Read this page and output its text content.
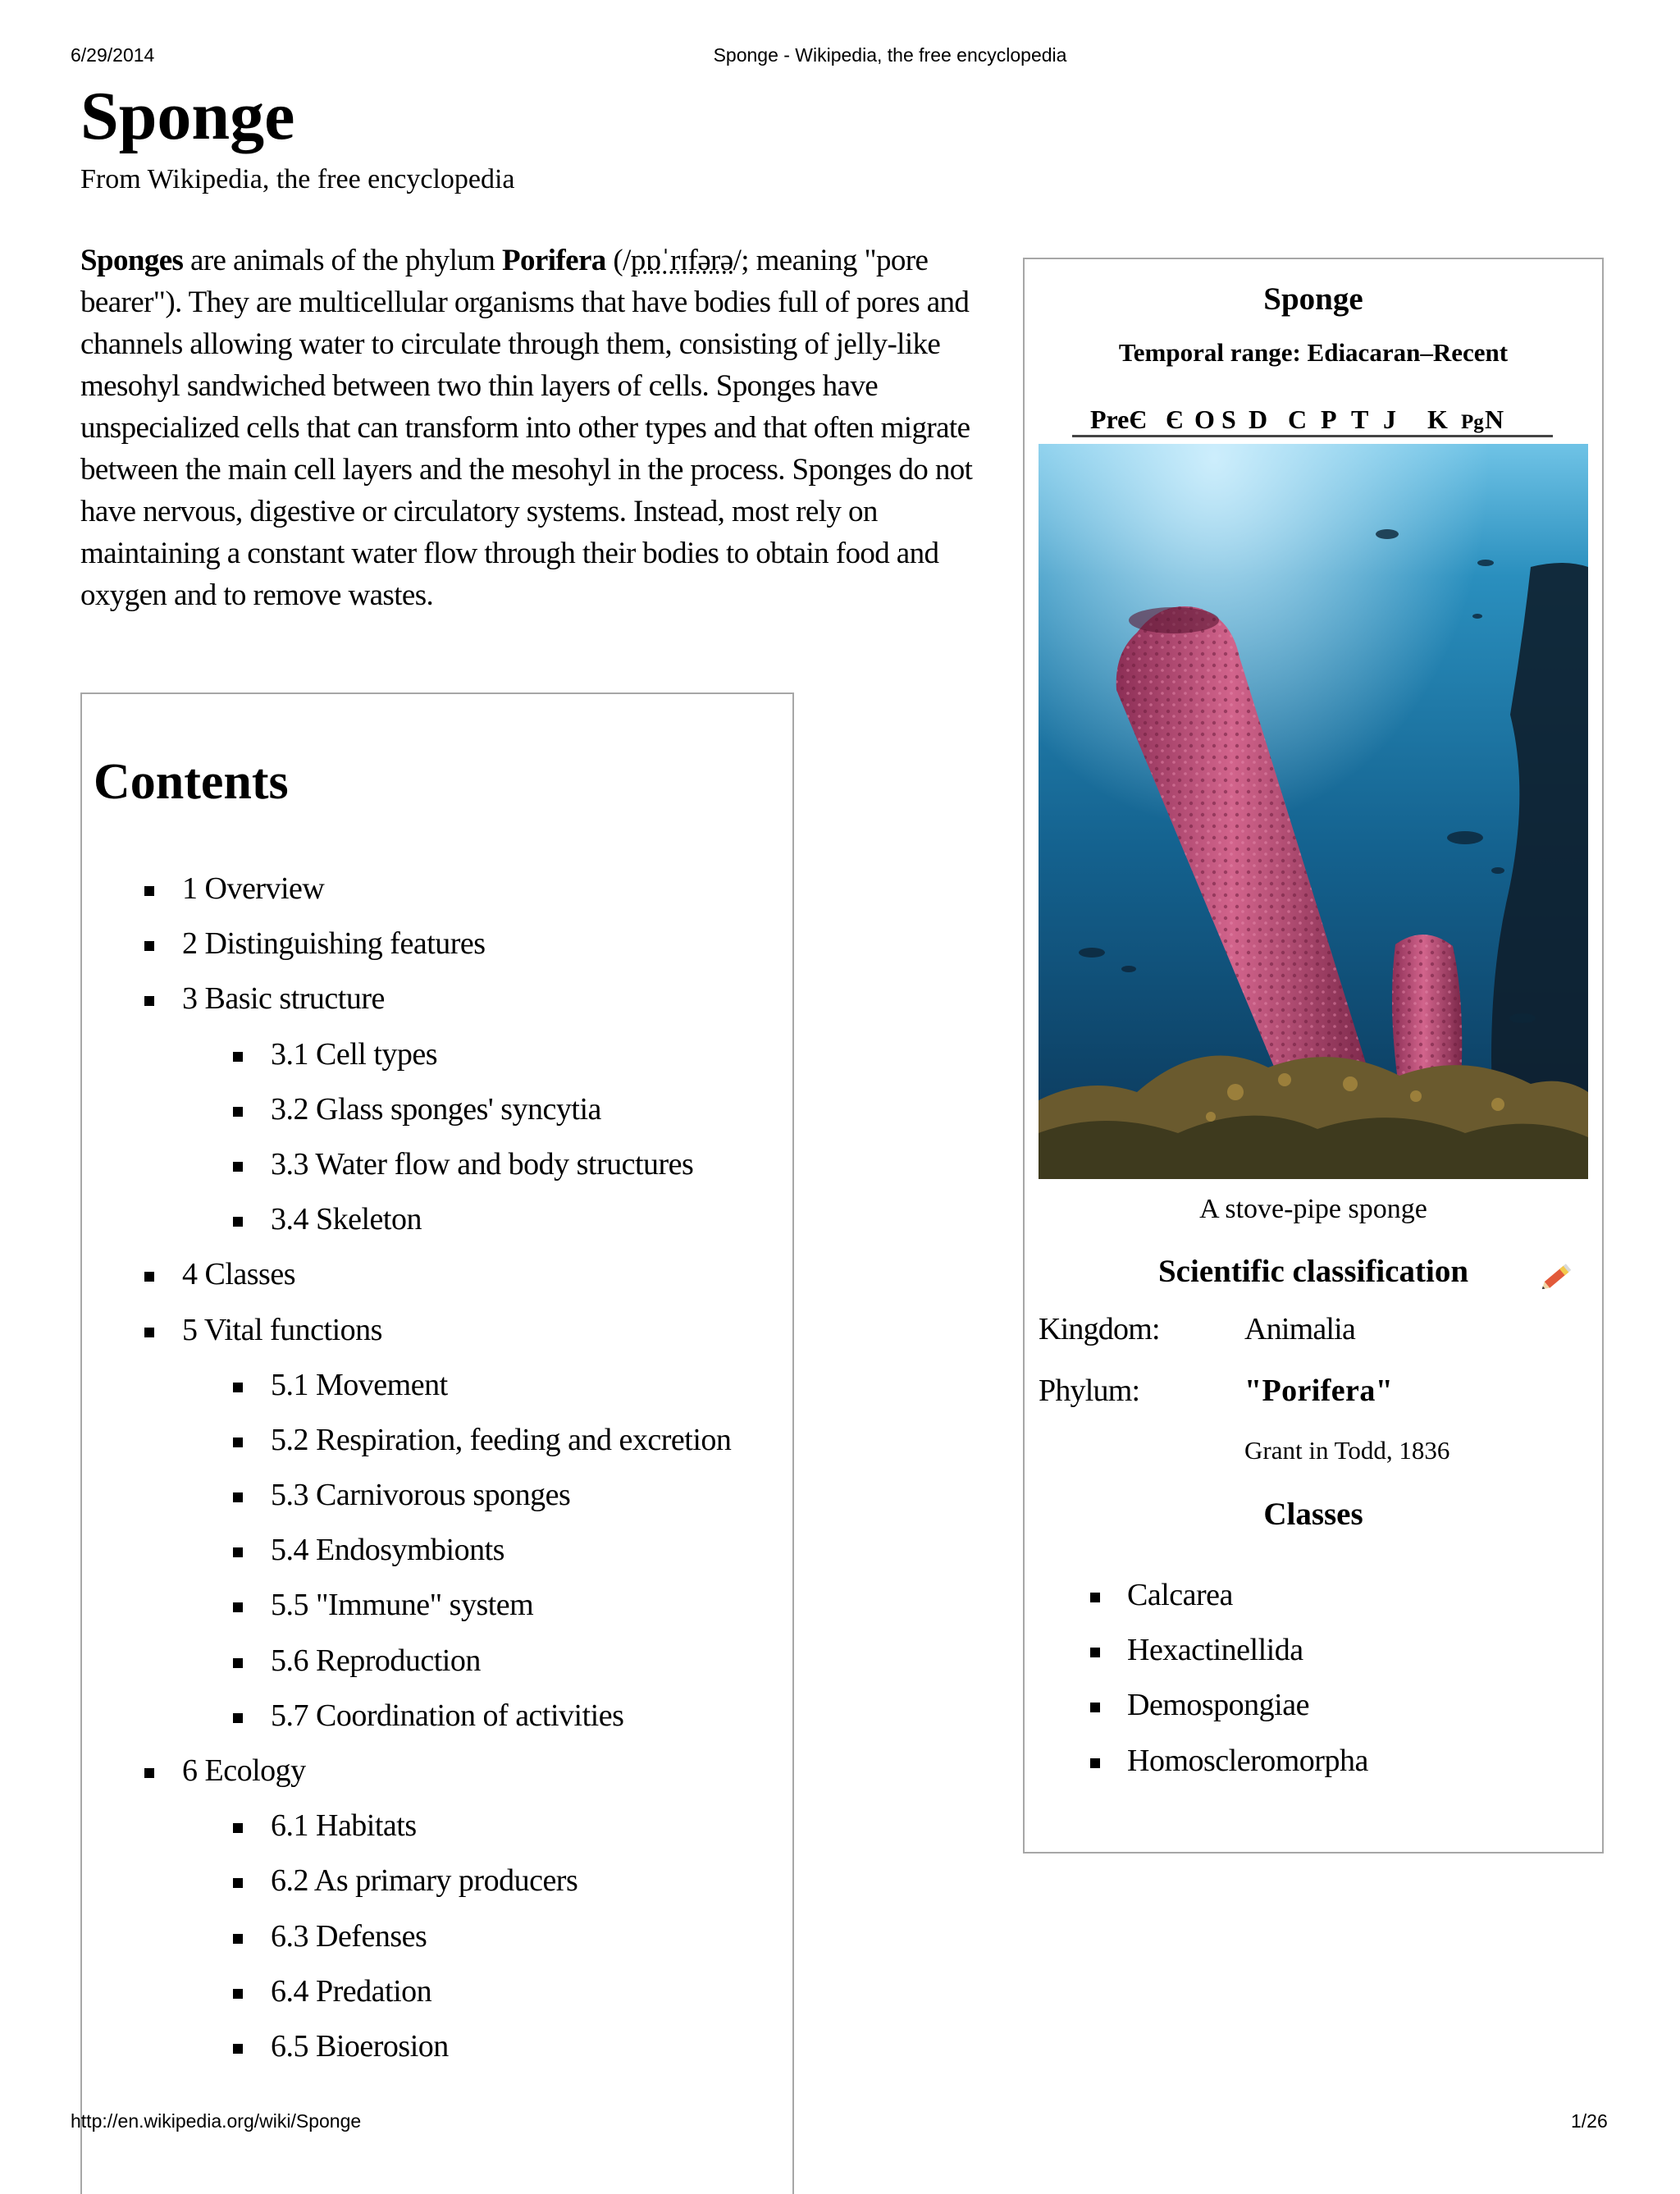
6/29/2014	Sponge - Wikipedia, the free encyclopedia
Sponge
From Wikipedia, the free encyclopedia

Sponges are animals of the phylum Porifera (/pɒˈrɪfərə/; meaning "pore bearer"). They are multicellular organisms that have bodies full of pores and channels allowing water to circulate through them, consisting of jelly-like mesohyl sandwiched between two thin layers of cells. Sponges have unspecialized cells that can transform into other types and that often migrate between the main cell layers and the mesohyl in the process. Sponges do not have nervous, digestive or circulatory systems. Instead, most rely on maintaining a constant water flow through their bodies to obtain food and oxygen and to remove wastes.

Contents
1 Overview
2 Distinguishing features
3 Basic structure
3.1 Cell types
3.2 Glass sponges' syncytia
3.3 Water flow and body structures
3.4 Skeleton
4 Classes
5 Vital functions
5.1 Movement
5.2 Respiration, feeding and excretion
5.3 Carnivorous sponges
5.4 Endosymbionts
5.5 "Immune" system
5.6 Reproduction
5.7 Coordination of activities
6 Ecology
6.1 Habitats
6.2 As primary producers
6.3 Defenses
6.4 Predation
6.5 Bioerosion
Sponge
Temporal range: Ediacaran–Recent
PreЄ Є O S D C P T J K Pg N
A stove-pipe sponge
Scientific classification
Kingdom:	Animalia
Phylum:	"Porifera"
Grant in Todd, 1836
Classes
Calcarea
Hexactinellida
Demospongiae
Homoscleromorpha
http://en.wikipedia.org/wiki/Sponge	1/26
